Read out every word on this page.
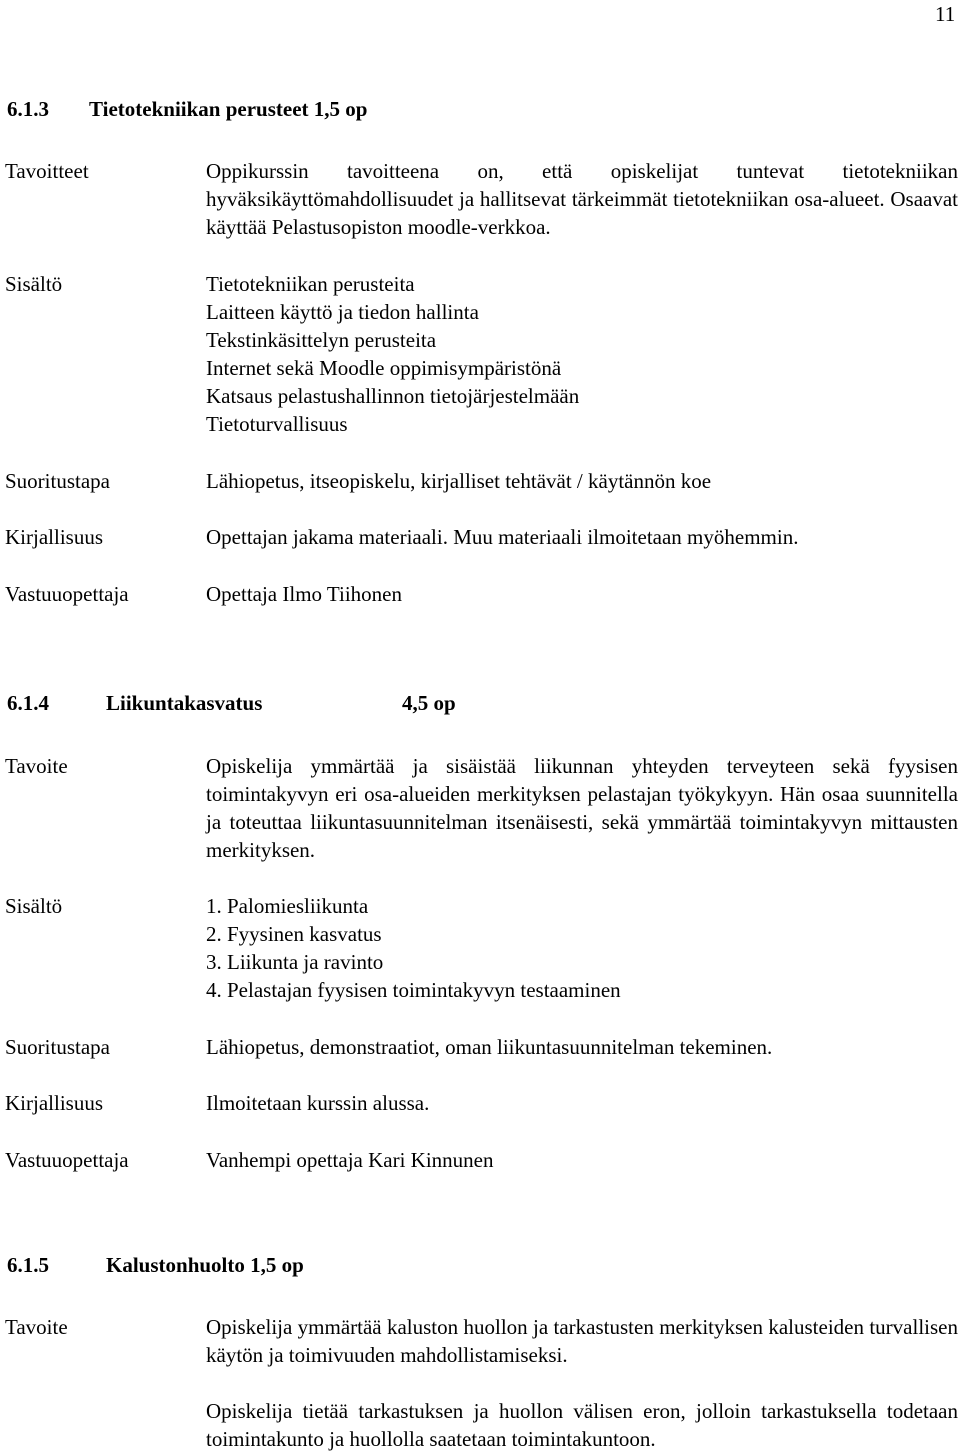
11
6.1.3 Tietotekniikan perusteet 1,5 op
Tavoitteet	Oppikurssin tavoitteena on, että opiskelijat tuntevat tietotekniikan hyväksikäyttömahdollisuudet ja hallitsevat tärkeimmät tietotekniikan osa-alueet. Osaavat käyttää Pelastusopiston moodle-verkkoa.
Sisältö	Tietotekniikan perusteita
Laitteen käyttö ja tiedon hallinta
Tekstinkäsittelyn perusteita
Internet sekä Moodle oppimisympäristönä
Katsaus pelastushallinnon tietojärjestelmään
Tietoturvallisuus
Suoritustapa	Lähiopetus, itseopiskelu, kirjalliset tehtävät / käytännön koe
Kirjallisuus	Opettajan jakama materiaali. Muu materiaali ilmoitetaan myöhemmin.
Vastuuopettaja	Opettaja Ilmo Tiihonen
6.1.4	Liikuntakasvatus	4,5 op
Tavoite	Opiskelija ymmärtää ja sisäistää liikunnan yhteyden terveyteen sekä fyysisen toimintakyvyn eri osa-alueiden merkityksen pelastajan työkykyyn. Hän osaa suunnitella ja toteuttaa liikuntasuunnitelman itsenäisesti, sekä ymmärtää toimintakyvyn mittausten merkityksen.
Sisältö	1. Palomiesliikunta
2. Fyysinen kasvatus
3. Liikunta ja ravinto
4. Pelastajan fyysisen toimintakyvyn testaaminen
Suoritustapa	Lähiopetus, demonstraatiot, oman liikuntasuunnitelman tekeminen.
Kirjallisuus	Ilmoitetaan kurssin alussa.
Vastuuopettaja	Vanhempi opettaja Kari Kinnunen
6.1.5	Kalustonhuolto 1,5 op
Tavoite	Opiskelija ymmärtää kaluston huollon ja tarkastusten merkityksen kalusteiden turvallisen käytön ja toimivuuden mahdollistamiseksi.

Opiskelija tietää tarkastuksen ja huollon välisen eron, jolloin tarkastuksella todetaan toimintakunto ja huollolla saatetaan toimintakuntoon.
